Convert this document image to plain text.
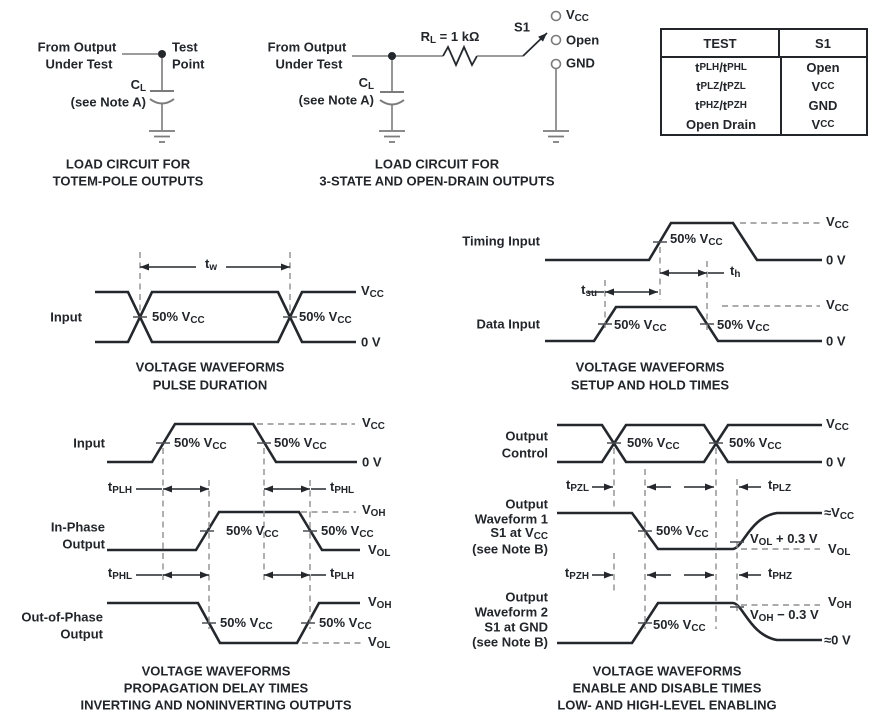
From Output
Under Test
Test
Point
CL
(see Note A)
LOAD CIRCUIT FOR
TOTEM-POLE OUTPUTS
From Output
Under Test
RL = 1 kΩ
S1
VCC
Open
GND
CL
(see Note A)
LOAD CIRCUIT FOR
3-STATE AND OPEN-DRAIN OUTPUTS
TEST	S1
t PLH /t PHL	Open
t PLZ /t PZL	V CC
t PHZ /t PZH	GND
Open Drain	V CC
Input
tw
50% VCC	50% VCC
VCC
0 V
VOLTAGE WAVEFORMS
PULSE DURATION
Timing Input
Data Input
tsu
th
50% VCC
50% VCC	50% VCC
VCC
0 V
VCC
0 V
VOLTAGE WAVEFORMS
SETUP AND HOLD TIMES
Input
In-Phase
Output
Out-of-Phase
Output
tPLH	tPHL
tPHL	tPLH
50% VCC	50% VCC
50% VCC	50% VCC
50% VCC	50% VCC
VCC
0 V
VOH
VOL
VOH
VOL
VOLTAGE WAVEFORMS
PROPAGATION DELAY TIMES
INVERTING AND NONINVERTING OUTPUTS
Output
Control
Output
Waveform 1
S1 at VCC
(see Note B)
Output
Waveform 2
S1 at GND
(see Note B)
tPZL	tPLZ
tPZH	tPHZ
50% VCC	50% VCC
50% VCC
50% VCC
VCC
0 V
≈VCC
VOL + 0.3 V
VOL
VOH
VOH − 0.3 V
≈0 V
VOLTAGE WAVEFORMS
ENABLE AND DISABLE TIMES
LOW- AND HIGH-LEVEL ENABLING
